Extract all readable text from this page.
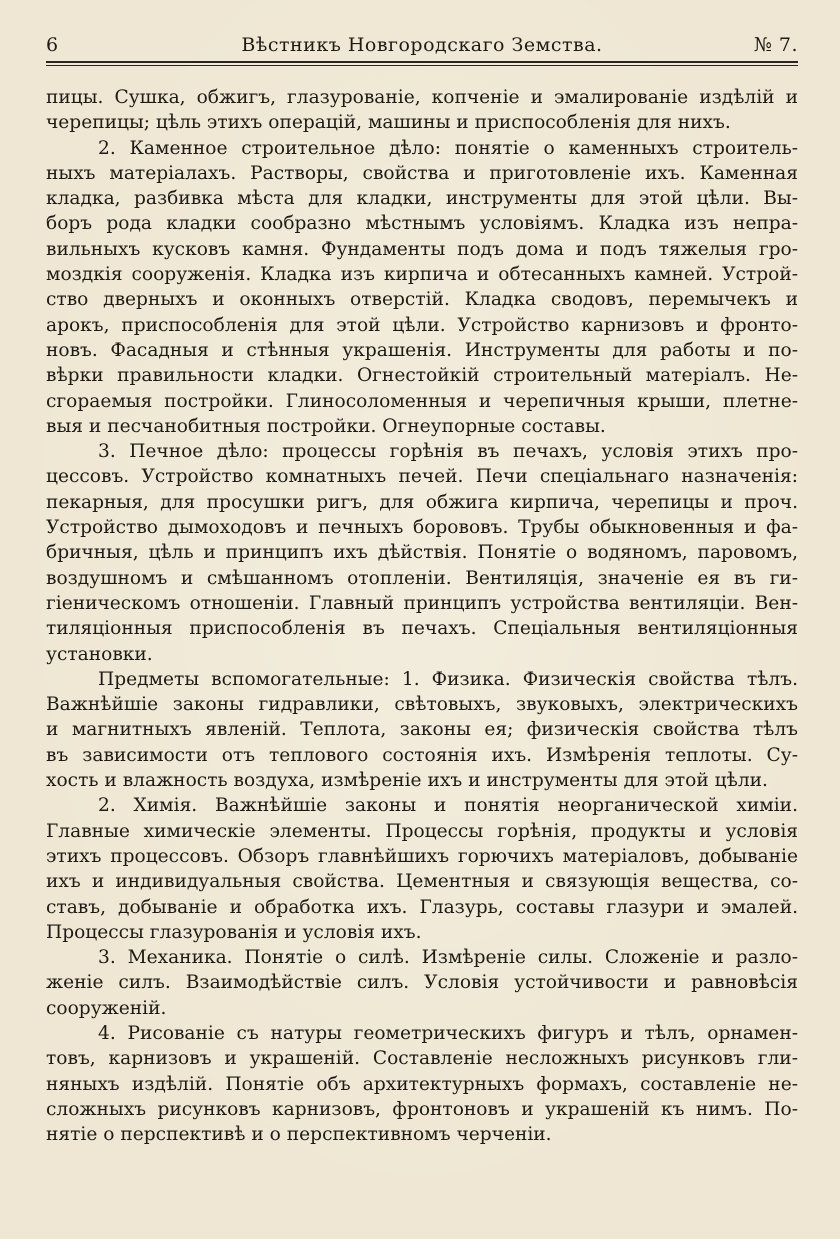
6	Вѣстникъ Новгородскаго Земства.	№ 7.

пицы. Сушка, обжигъ, глазурованіе, копченіе и эмалированіе издѣлій и
черепицы; цѣль этихъ операцій, машины и приспособленія для нихъ.

2. Каменное строительное дѣло: понятіе о каменныхъ строитель-
ныхъ матеріалахъ. Растворы, свойства и приготовленіе ихъ. Каменная
кладка, разбивка мѣста для кладки, инструменты для этой цѣли. Вы-
боръ рода кладки сообразно мѣстнымъ условіямъ. Кладка изъ непра-
вильныхъ кусковъ камня. Фундаменты подъ дома и подъ тяжелыя гро-
моздкія сооруженія. Кладка изъ кирпича и обтесанныхъ камней. Устрой-
ство дверныхъ и оконныхъ отверстій. Кладка сводовъ, перемычекъ и
арокъ, приспособленія для этой цѣли. Устройство карнизовъ и фронто-
новъ. Фасадныя и стѣнныя украшенія. Инструменты для работы и по-
вѣрки правильности кладки. Огнестойкій строительный матеріалъ. Не-
сгораемыя постройки. Глиносоломенныя и черепичныя крыши, плетне-
выя и песчанобитныя постройки. Огнеупорные составы.

3. Печное дѣло: процессы горѣнія въ печахъ, условія этихъ про-
цессовъ. Устройство комнатныхъ печей. Печи спеціальнаго назначенія:
пекарныя, для просушки ригъ, для обжига кирпича, черепицы и проч.
Устройство дымоходовъ и печныхъ борововъ. Трубы обыкновенныя и фа-
бричныя, цѣль и принципъ ихъ дѣйствія. Понятіе о водяномъ, паровомъ,
воздушномъ и смѣшанномъ отопленіи. Вентиляція, значеніе ея въ ги-
гіеническомъ отношеніи. Главный принципъ устройства вентиляціи. Вен-
тиляціонныя приспособленія въ печахъ. Спеціальныя вентиляціонныя
установки.

Предметы вспомогательные: 1. Физика. Физическія свойства тѣлъ.
Важнѣйшіе законы гидравлики, свѣтовыхъ, звуковыхъ, электрическихъ
и магнитныхъ явленій. Теплота, законы ея; физическія свойства тѣлъ
въ зависимости отъ теплового состоянія ихъ. Измѣренія теплоты. Су-
хость и влажность воздуха, измѣреніе ихъ и инструменты для этой цѣли.

2. Химія. Важнѣйшіе законы и понятія неорганической химіи.
Главные химическіе элементы. Процессы горѣнія, продукты и условія
этихъ процессовъ. Обзоръ главнѣйшихъ горючихъ матеріаловъ, добываніе
ихъ и индивидуальныя свойства. Цементныя и связующія вещества, со-
ставъ, добываніе и обработка ихъ. Глазурь, составы глазури и эмалей.
Процессы глазурованія и условія ихъ.

3. Механика. Понятіе о силѣ. Измѣреніе силы. Сложеніе и разло-
женіе силъ. Взаимодѣйствіе силъ. Условія устойчивости и равновѣсія
сооруженій.

4. Рисованіе съ натуры геометрическихъ фигуръ и тѣлъ, орнамен-
товъ, карнизовъ и украшеній. Составленіе несложныхъ рисунковъ гли-
няныхъ издѣлій. Понятіе объ архитектурныхъ формахъ, составленіе не-
сложныхъ рисунковъ карнизовъ, фронтоновъ и украшеній къ нимъ. По-
нятіе о перспективѣ и о перспективномъ черченіи.
